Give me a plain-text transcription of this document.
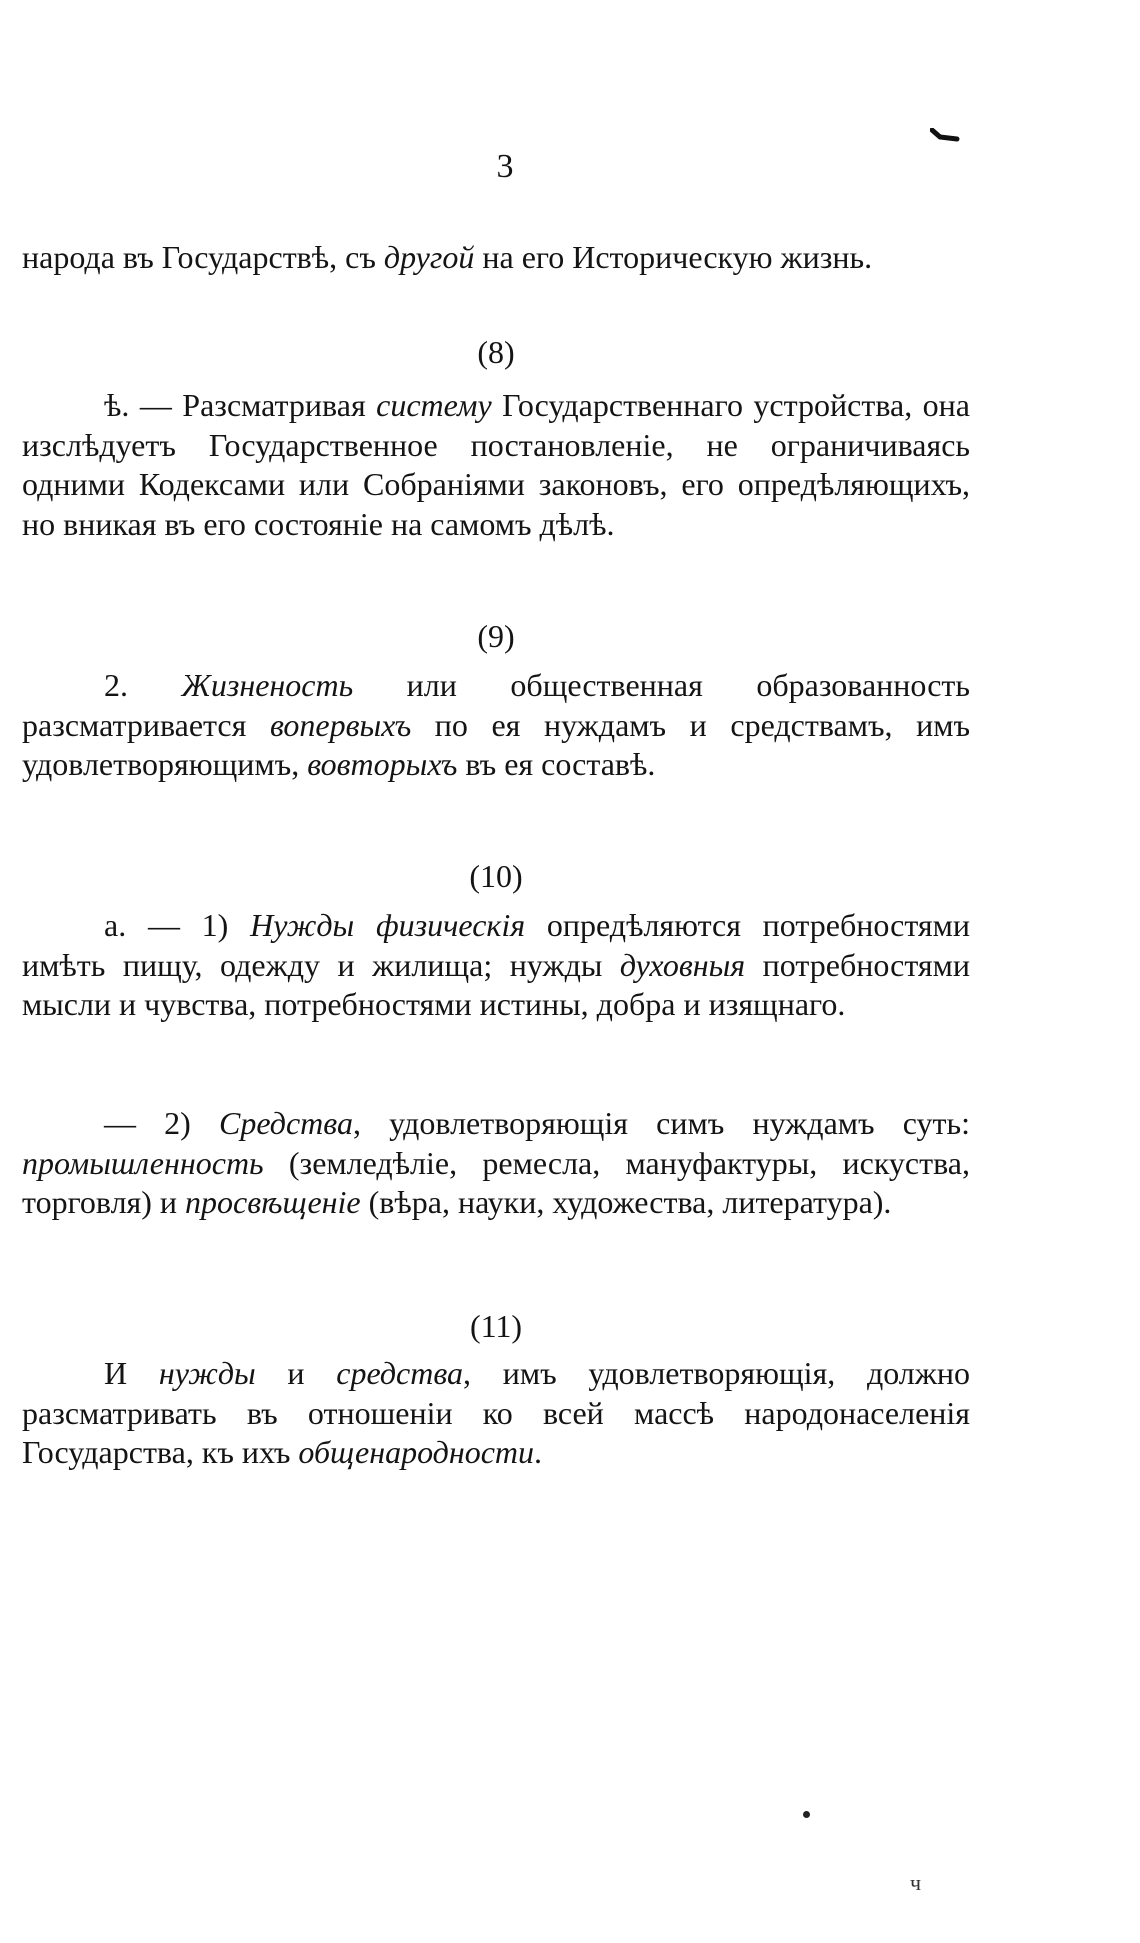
3
народа въ Государствѣ, съ другой на его Историческую жизнь.
(8)
ѣ. — Разсматривая систему Государственнаго устройства, она изслѣдуетъ Государственное постановленіе, не ограничиваясь одними Кодексами или Собраніями законовъ, его опредѣляющихъ, но вникая въ его состояніе на самомъ дѣлѣ.
(9)
2. Жизненость или общественная образованность разсматривается вопервыхъ по ея нуждамъ и средствамъ, имъ удовлетворяющимъ, вовторыхъ въ ея составѣ.
(10)
а. — 1) Нужды физическія опредѣляются потребностями имѣть пищу, одежду и жилища; нужды духовныя потребностями мысли и чувства, потребностями истины, добра и изящнаго.
— 2) Средства, удовлетворяющія симъ нуждамъ суть: промышленность (земледѣліе, ремесла, мануфактуры, искуства, торговля) и просвѣщеніе (вѣра, науки, художества, литература).
(11)
И нужды и средства, имъ удовлетворяющія, должно разсматривать въ отношеніи ко всей массѣ народонаселенія Государства, къ ихъ общенародности.
ч
